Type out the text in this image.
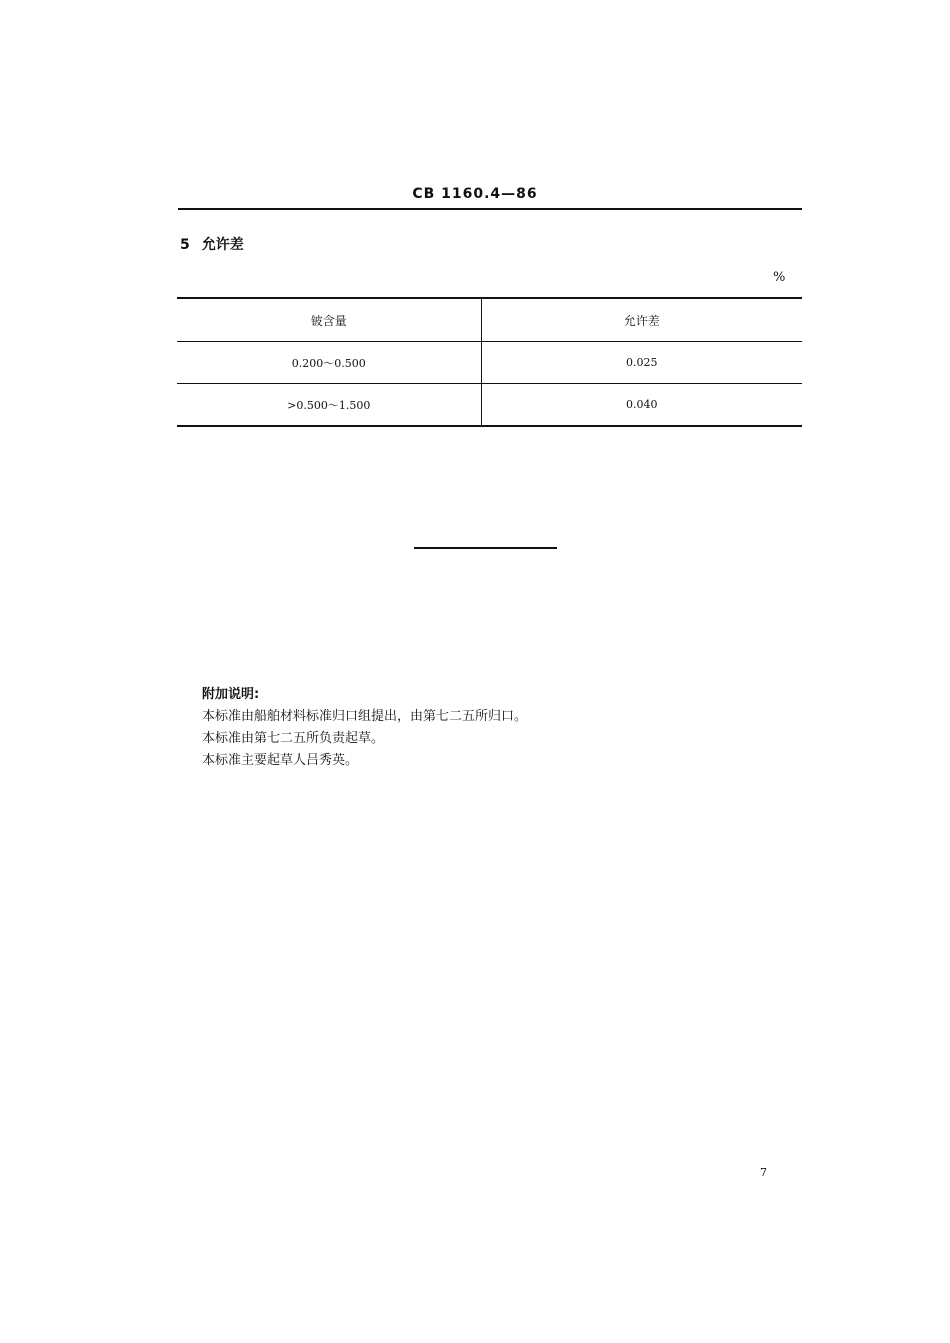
CB 1160.4—86
5 允许差
%
铍含量	允许差
0.200～0.500	0.025
>0.500～1.500	0.040
附加说明:
本标准由船舶材料标准归口组提出，由第七二五所归口。
本标准由第七二五所负责起草。
本标准主要起草人吕秀英。
7
